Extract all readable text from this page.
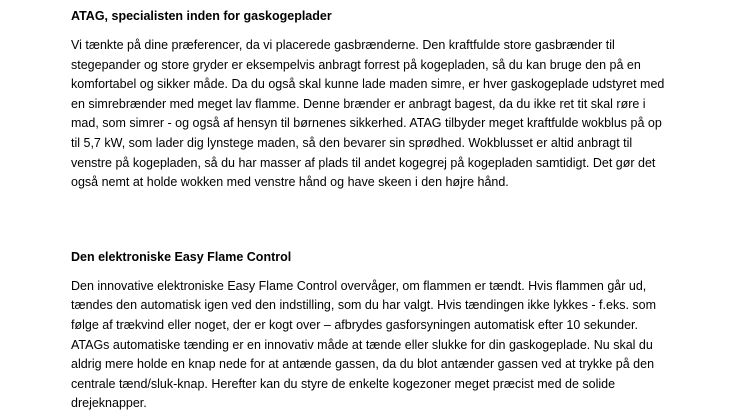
ATAG, specialisten inden for gaskogeplader

Vi tænkte på dine præferencer, da vi placerede gasbrænderne. Den kraftfulde store gasbrænder til
stegepander og store gryder er eksempelvis anbragt forrest på kogepladen, så du kan bruge den på en
komfortabel og sikker måde. Da du også skal kunne lade maden simre, er hver gaskogeplade udstyret med
en simrebrænder med meget lav flamme. Denne brænder er anbragt bagest, da du ikke ret tit skal røre i
mad, som simrer - og også af hensyn til børnenes sikkerhed. ATAG tilbyder meget kraftfulde wokblus på op
til 5,7 kW, som lader dig lynstege maden, så den bevarer sin sprødhed. Wokblusset er altid anbragt til
venstre på kogepladen, så du har masser af plads til andet kogegrej på kogepladen samtidigt. Det gør det
også nemt at holde wokken med venstre hånd og have skeen i den højre hånd.

Den elektroniske Easy Flame Control

Den innovative elektroniske Easy Flame Control overvåger, om flammen er tændt. Hvis flammen går ud,
tændes den automatisk igen ved den indstilling, som du har valgt. Hvis tændingen ikke lykkes - f.eks. som
følge af trækvind eller noget, der er kogt over – afbrydes gasforsyningen automatisk efter 10 sekunder.
ATAGs automatiske tænding er en innovativ måde at tænde eller slukke for din gaskogeplade. Nu skal du
aldrig mere holde en knap nede for at antænde gassen, da du blot antænder gassen ved at trykke på den
centrale tænd/sluk-knap. Herefter kan du styre de enkelte kogezoner meget præcist med de solide
drejeknapper.
